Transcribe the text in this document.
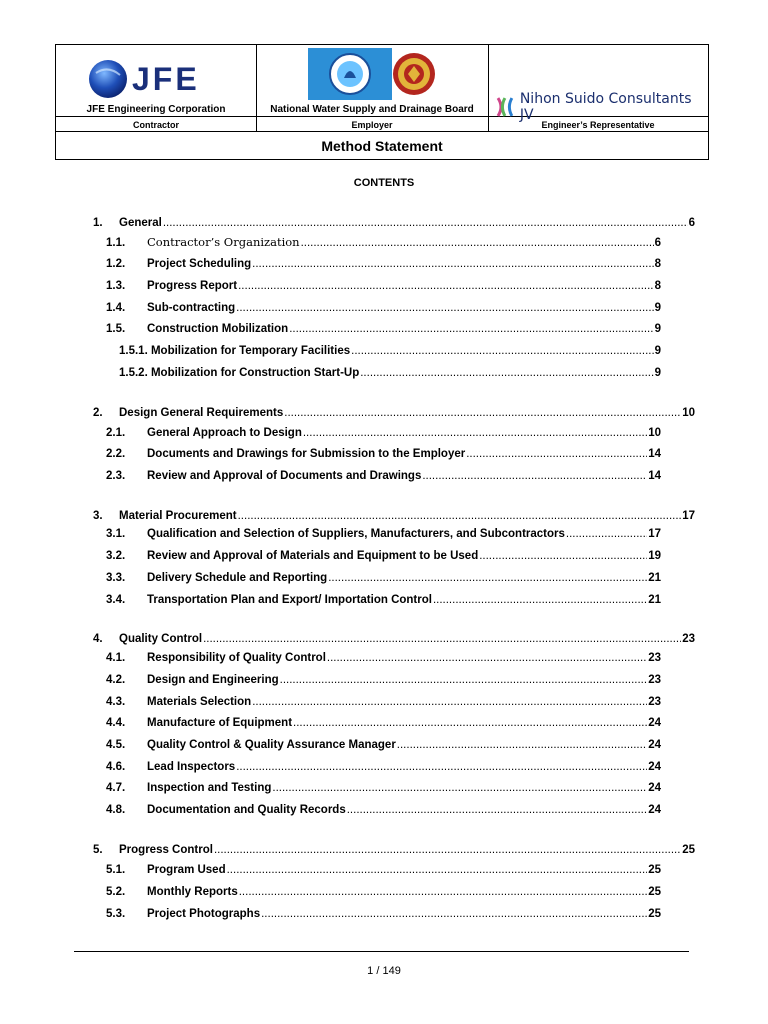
JFE
JFE Engineering Corporation	National Water Supply and Drainage Board
Nihon Suido Consultants JV
Contractor	Employer	Engineer’s Representative
Method Statement
CONTENTS
1.	General .....	6
1.1.	Contractor’s Organization .....	6
1.2.	Project Scheduling .....	8
1.3.	Progress Report .....	8
1.4.	Sub-contracting .....	9
1.5.	Construction Mobilization .....	9
1.5.1. Mobilization for Temporary Facilities .....	9
1.5.2. Mobilization for Construction Start-Up .....	9
2.	Design General Requirements .....	10
2.1.	General Approach to Design .....	10
2.2.	Documents and Drawings for Submission to the Employer .....	14
2.3.	Review and Approval of Documents and Drawings .....	14
3.	Material Procurement .....	17
3.1.	Qualification and Selection of Suppliers, Manufacturers, and Subcontractors .....	17
3.2.	Review and Approval of Materials and Equipment to be Used .....	19
3.3.	Delivery Schedule and Reporting .....	21
3.4.	Transportation Plan and Export/ Importation Control .....	21
4.	Quality Control .....	23
4.1.	Responsibility of Quality Control .....	23
4.2.	Design and Engineering .....	23
4.3.	Materials Selection .....	23
4.4.	Manufacture of Equipment .....	24
4.5.	Quality Control & Quality Assurance Manager .....	24
4.6.	Lead Inspectors .....	24
4.7.	Inspection and Testing .....	24
4.8.	Documentation and Quality Records .....	24
5.	Progress Control .....	25
5.1.	Program Used .....	25
5.2.	Monthly Reports .....	25
5.3.	Project Photographs .....	25
1 / 149
